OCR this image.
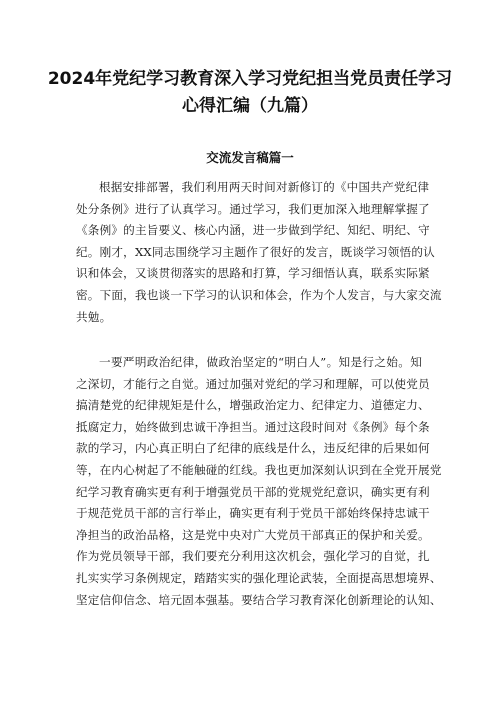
2024年党纪学习教育深入学习党纪担当党员责任学习
心得汇编（九篇）
交流发言稿篇一
根据安排部署，我们利用两天时间对新修订的《中国共产党纪律
处分条例》进行了认真学习。通过学习，我们更加深入地理解掌握了
《条例》的主旨要义、核心内涵，进一步做到学纪、知纪、明纪、守
纪。刚才，XX同志围绕学习主题作了很好的发言，既谈学习领悟的认
识和体会，又谈贯彻落实的思路和打算，学习细悟认真，联系实际紧
密。下面，我也谈一下学习的认识和体会，作为个人发言，与大家交流
共勉。
一要严明政治纪律，做政治坚定的“明白人”。知是行之始。知
之深切，才能行之自觉。通过加强对党纪的学习和理解，可以使党员
搞清楚党的纪律规矩是什么，增强政治定力、纪律定力、道德定力、
抵腐定力，始终做到忠诚干净担当。通过这段时间对《条例》每个条
款的学习，内心真正明白了纪律的底线是什么，违反纪律的后果如何
等，在内心树起了不能触碰的红线。我也更加深刻认识到在全党开展党
纪学习教育确实更有利于增强党员干部的党规党纪意识，确实更有利
于规范党员干部的言行举止，确实更有利于党员干部始终保持忠诚干
净担当的政治品格，这是党中央对广大党员干部真正的保护和关爱。
作为党员领导干部，我们要充分利用这次机会，强化学习的自觉，扎
扎实实学习条例规定，踏踏实实的强化理论武装，全面提高思想境界、
坚定信仰信念、培元固本强基。要结合学习教育深化创新理论的认知、
